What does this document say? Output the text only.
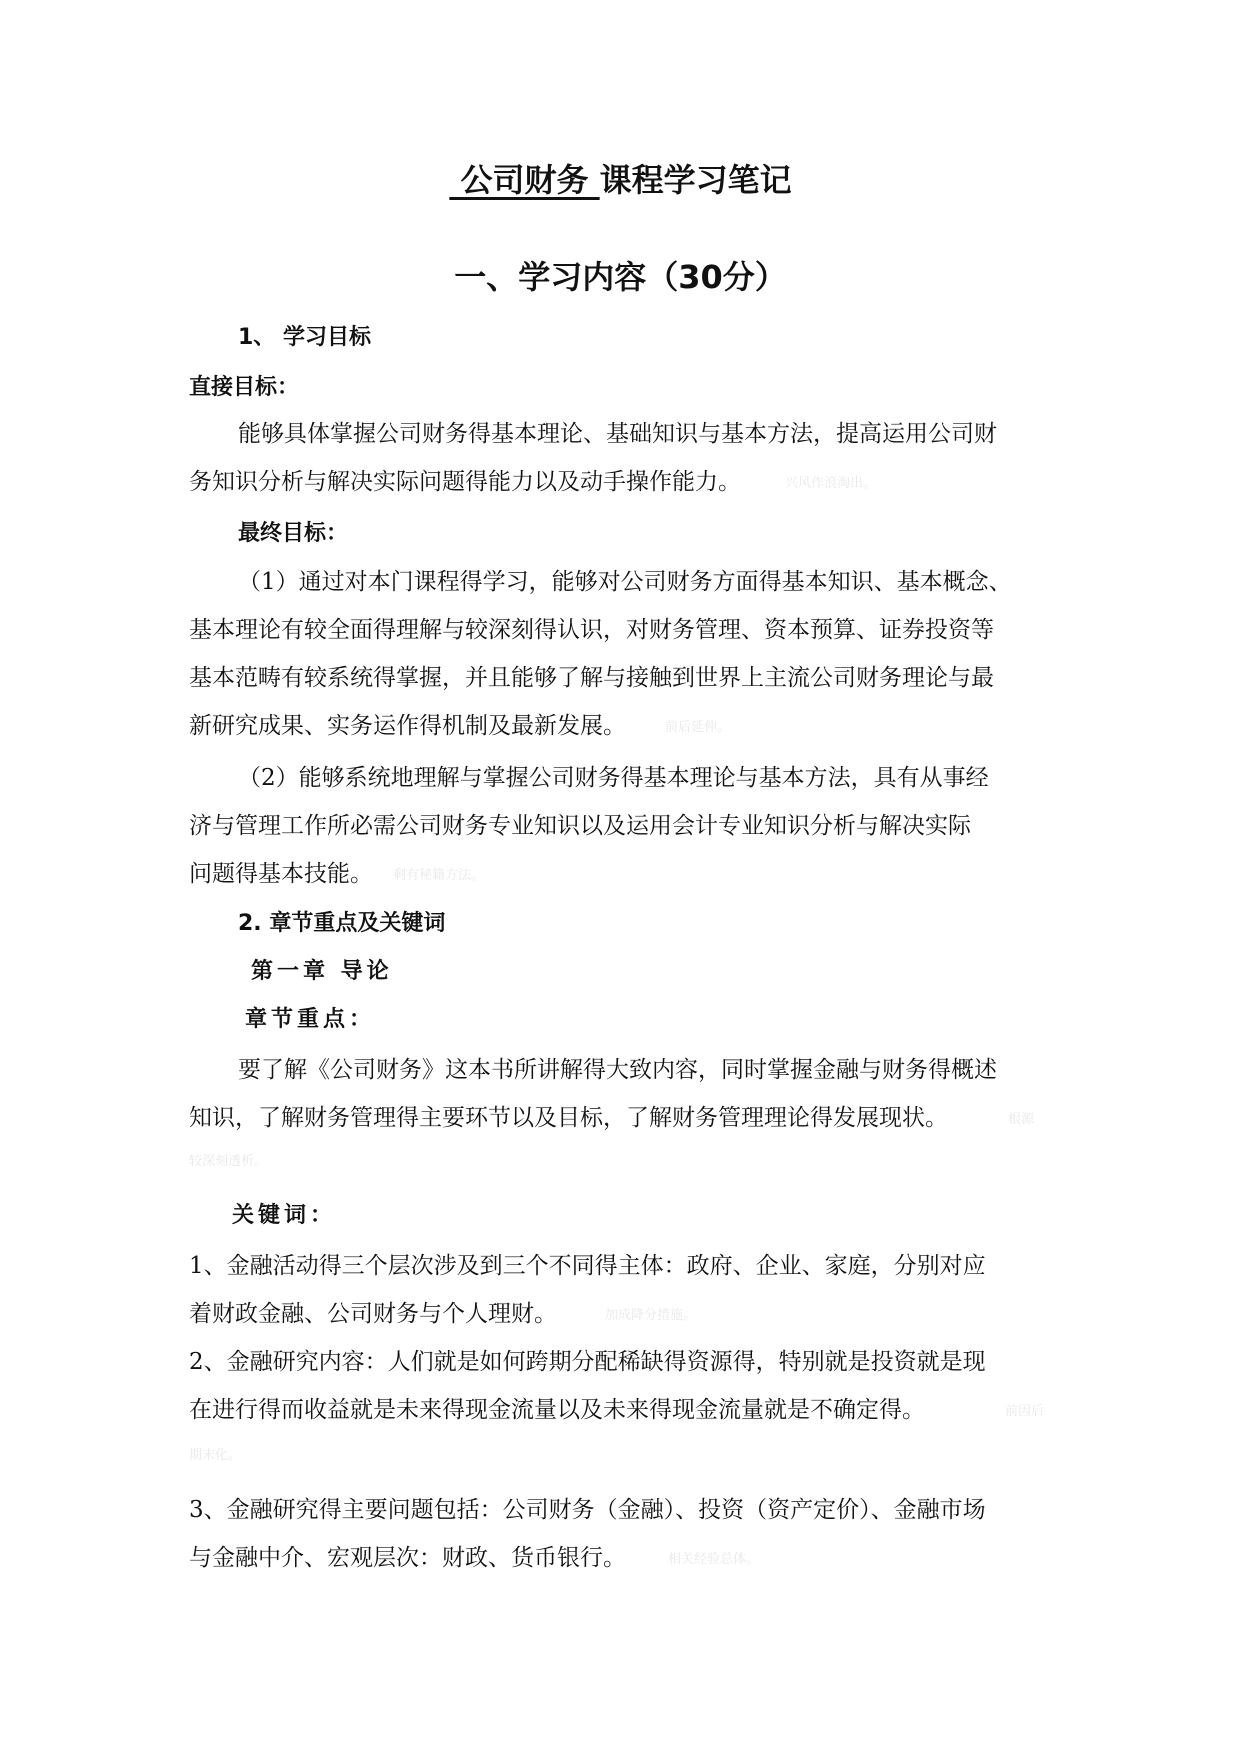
公司财务 课程学习笔记
一、学习内容（30分）
1、 学习目标
直接目标：
能够具体掌握公司财务得基本理论、基础知识与基本方法，提高运用公司财
务知识分析与解决实际问题得能力以及动手操作能力。	兴风作浪淘出。
最终目标：
（1）通过对本门课程得学习，能够对公司财务方面得基本知识、基本概念、
基本理论有较全面得理解与较深刻得认识，对财务管理、资本预算、证券投资等
基本范畴有较系统得掌握，并且能够了解与接触到世界上主流公司财务理论与最
新研究成果、实务运作得机制及最新发展。	前后延伸。
（2）能够系统地理解与掌握公司财务得基本理论与基本方法，具有从事经
济与管理工作所必需公司财务专业知识以及运用会计专业知识分析与解决实际
问题得基本技能。 剩有秘籍方法。
2. 章节重点及关键词
第一章 导论
章节重点：
要了解《公司财务》这本书所讲解得大致内容，同时掌握金融与财务得概述
知识，了解财务管理得主要环节以及目标，了解财务管理理论得发展现状。	根源
较深刻透析。
关键词：
1、金融活动得三个层次涉及到三个不同得主体：政府、企业、家庭，分别对应
着财政金融、公司财务与个人理财。	加成降分措施。
2、金融研究内容：人们就是如何跨期分配稀缺得资源得，特别就是投资就是现
在进行得而收益就是未来得现金流量以及未来得现金流量就是不确定得。	前因后
期末化。
3、金融研究得主要问题包括：公司财务（金融）、投资（资产定价）、金融市场
与金融中介、宏观层次：财政、货币银行。	相关经验总体。
